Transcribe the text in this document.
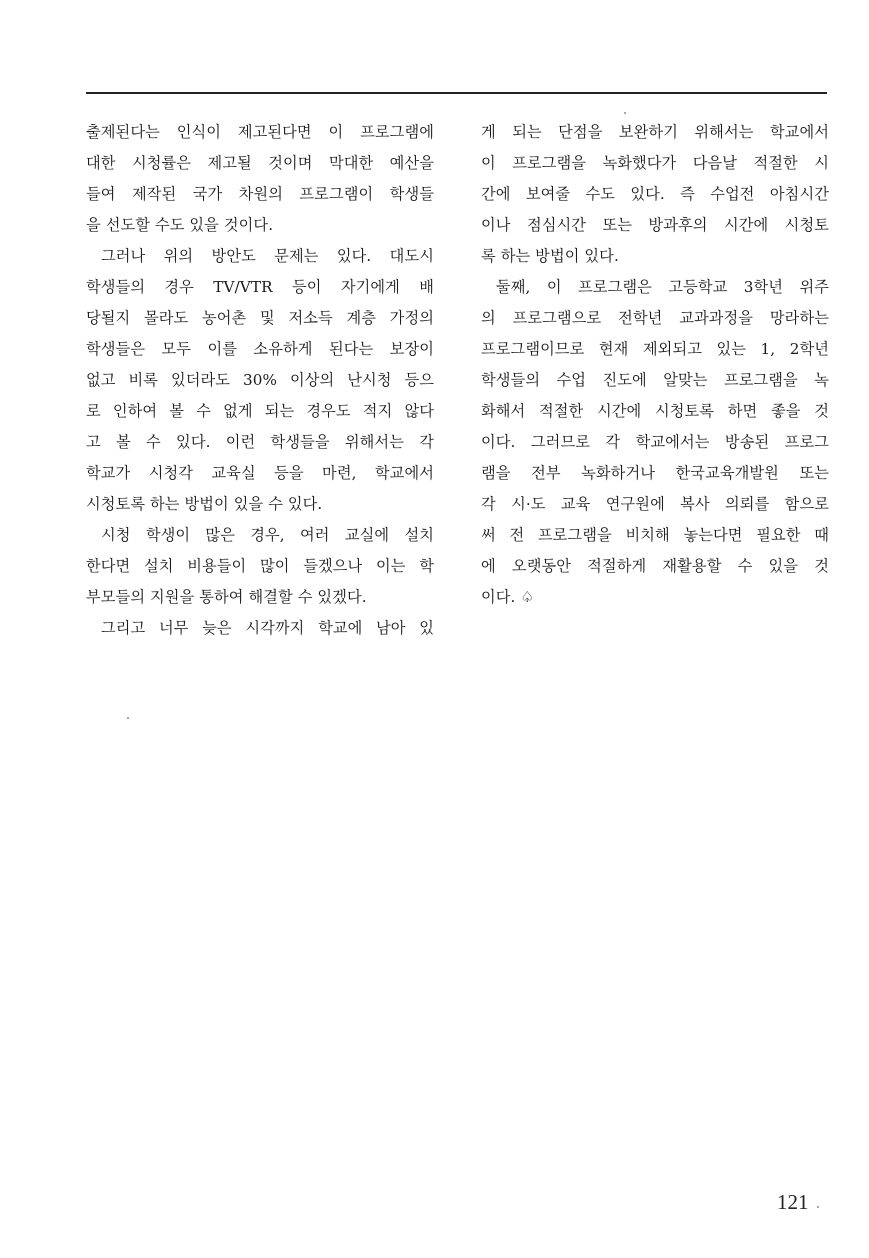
출제된다는 인식이 제고된다면 이 프로그램에
대한 시청률은 제고될 것이며 막대한 예산을
들여 제작된 국가 차원의 프로그램이 학생들
을 선도할 수도 있을 것이다.
그러나 위의 방안도 문제는 있다. 대도시
학생들의 경우 TV/VTR 등이 자기에게 배
당될지 몰라도 농어촌 및 저소득 계층 가정의
학생들은 모두 이를 소유하게 된다는 보장이
없고 비록 있더라도 30% 이상의 난시청 등으
로 인하여 볼 수 없게 되는 경우도 적지 않다
고 볼 수 있다. 이런 학생들을 위해서는 각
학교가 시청각 교육실 등을 마련, 학교에서
시청토록 하는 방법이 있을 수 있다.
시청 학생이 많은 경우, 여러 교실에 설치
한다면 설치 비용들이 많이 들겠으나 이는 학
부모들의 지원을 통하여 해결할 수 있겠다.
그리고 너무 늦은 시각까지 학교에 남아 있
게 되는 단점을 보완하기 위해서는 학교에서
이 프로그램을 녹화했다가 다음날 적절한 시
간에 보여줄 수도 있다. 즉 수업전 아침시간
이나 점심시간 또는 방과후의 시간에 시청토
록 하는 방법이 있다.
둘째, 이 프로그램은 고등학교 3학년 위주
의 프로그램으로 전학년 교과과정을 망라하는
프로그램이므로 현재 제외되고 있는 1, 2학년
학생들의 수업 진도에 알맞는 프로그램을 녹
화해서 적절한 시간에 시청토록 하면 좋을 것
이다. 그러므로 각 학교에서는 방송된 프로그
램을 전부 녹화하거나 한국교육개발원 또는
각 시·도 교육 연구원에 복사 의뢰를 함으로
써 전 프로그램을 비치해 놓는다면 필요한 때
에 오랫동안 적절하게 재활용할 수 있을 것
이다. ♤
121
